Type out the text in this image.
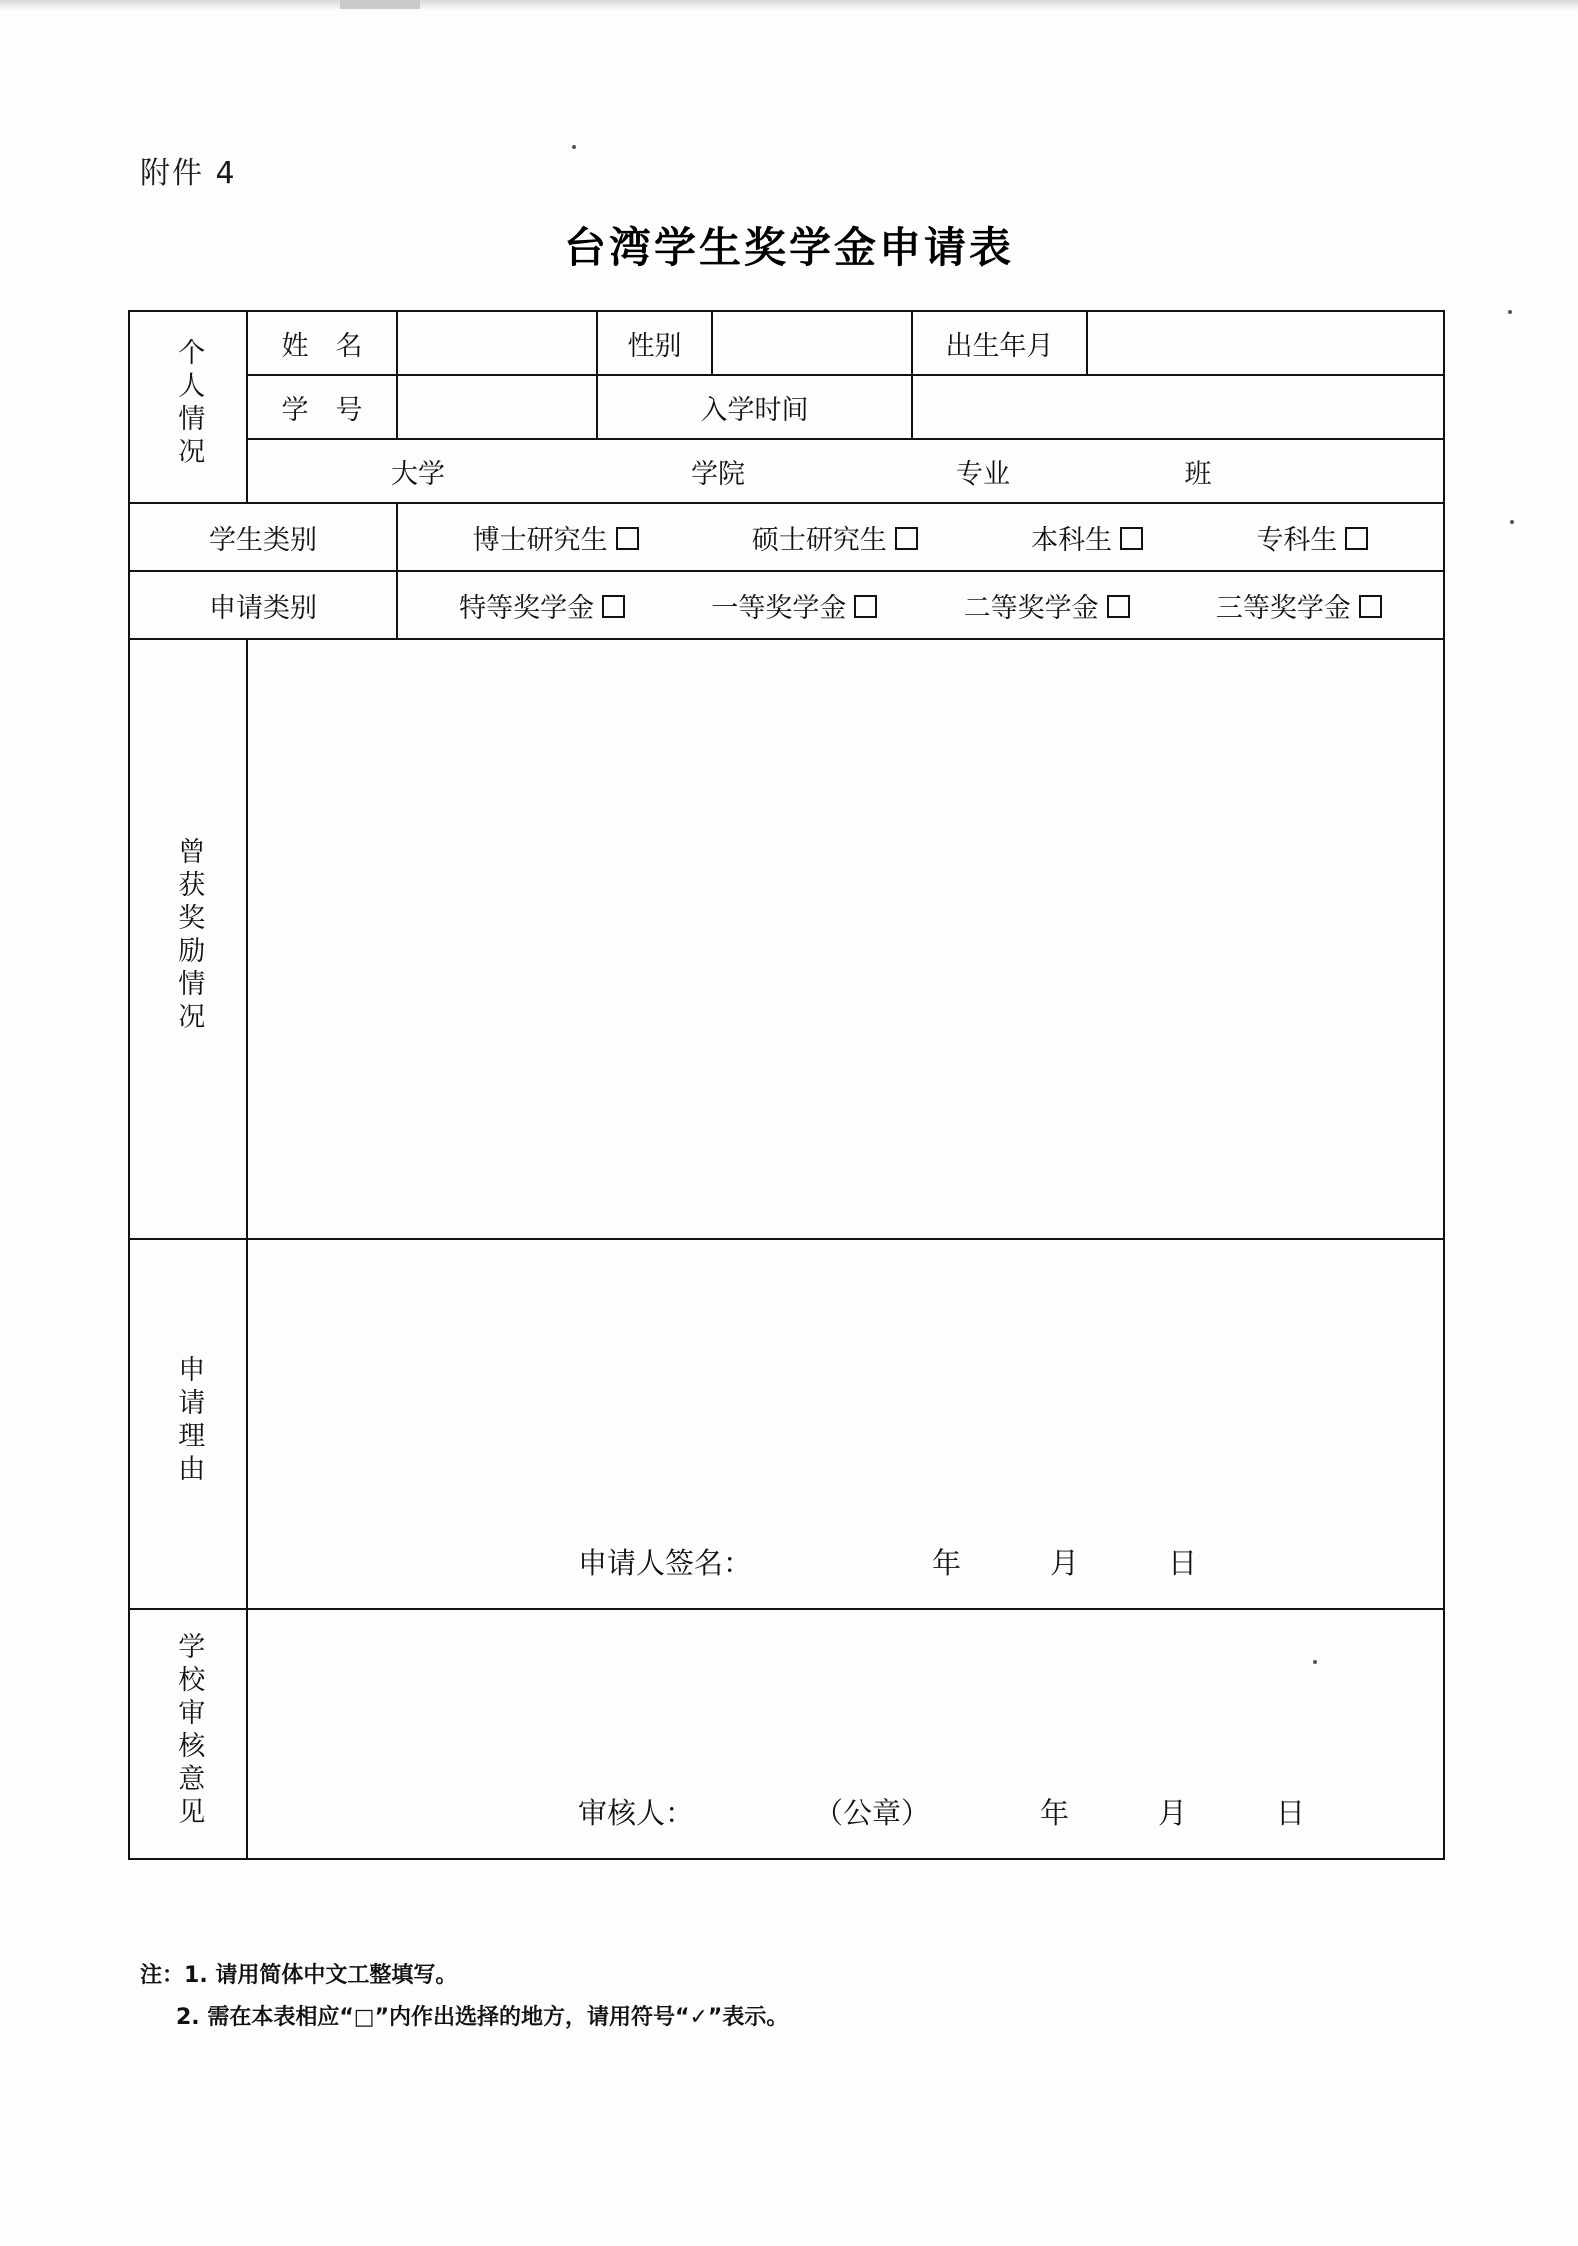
附件 4
台湾学生奖学金申请表
个人情况	姓　名		性别		出生年月	
	学　号		入学时间			

	大学 学院 专业 班					

学生类别		博士研究生 硕士研究生 本科生 专科生				

申请类别		特等奖学金 一等奖学金 二等奖学金 三等奖学金				

曾获奖励情况						
申请理由	申请人签名： 年　月　日					

学校审核意见	审核人： （公章） 年　月　日					
注：1. 请用简体中文工整填写。
2. 需在本表相应“□”内作出选择的地方，请用符号“✓”表示。
